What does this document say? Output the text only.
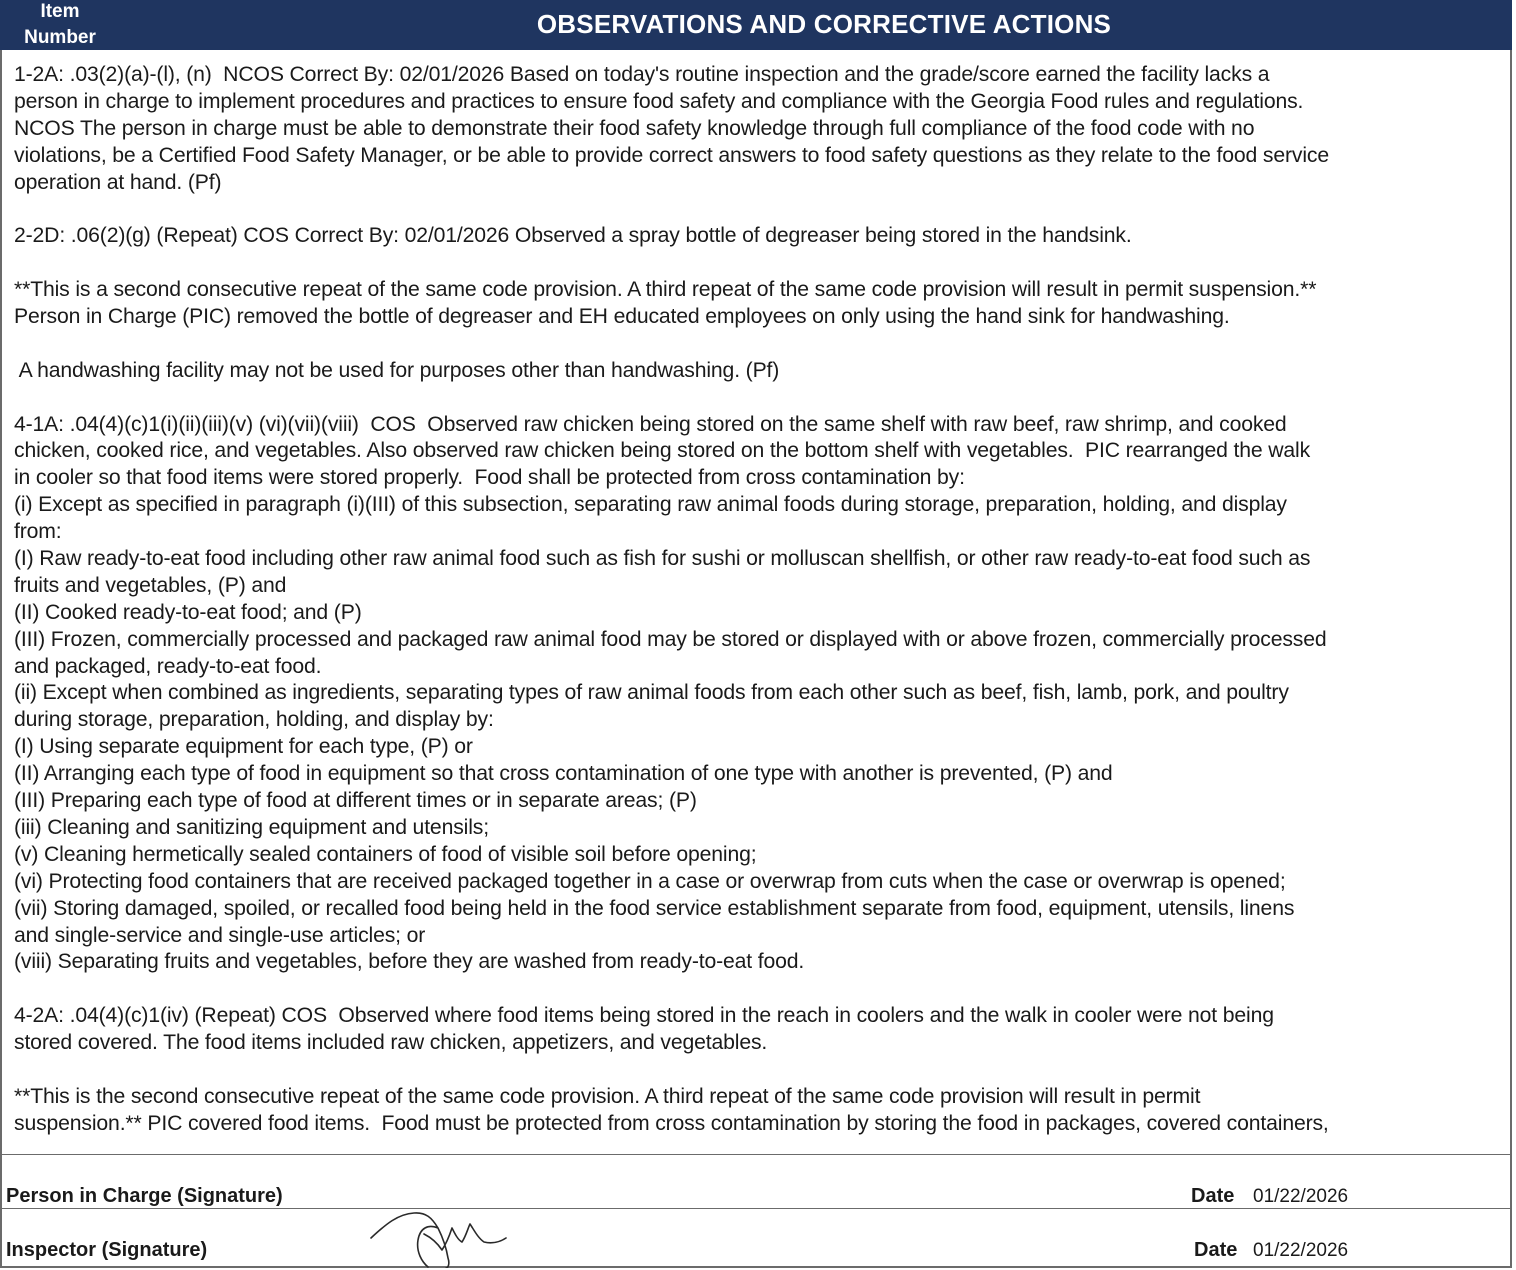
Item
Number	OBSERVATIONS AND CORRECTIVE ACTIONS
1-2A: .03(2)(a)-(l), (n)  NCOS Correct By: 02/01/2026 Based on today's routine inspection and the grade/score earned the facility lacks a
person in charge to implement procedures and practices to ensure food safety and compliance with the Georgia Food rules and regulations.
NCOS The person in charge must be able to demonstrate their food safety knowledge through full compliance of the food code with no
violations, be a Certified Food Safety Manager, or be able to provide correct answers to food safety questions as they relate to the food service
operation at hand. (Pf)
2-2D: .06(2)(g) (Repeat) COS Correct By: 02/01/2026 Observed a spray bottle of degreaser being stored in the handsink.
**This is a second consecutive repeat of the same code provision. A third repeat of the same code provision will result in permit suspension.**
Person in Charge (PIC) removed the bottle of degreaser and EH educated employees on only using the hand sink for handwashing.
A handwashing facility may not be used for purposes other than handwashing. (Pf)
4-1A: .04(4)(c)1(i)(ii)(iii)(v) (vi)(vii)(viii)  COS  Observed raw chicken being stored on the same shelf with raw beef, raw shrimp, and cooked
chicken, cooked rice, and vegetables. Also observed raw chicken being stored on the bottom shelf with vegetables.  PIC rearranged the walk
in cooler so that food items were stored properly.  Food shall be protected from cross contamination by:
(i) Except as specified in paragraph (i)(III) of this subsection, separating raw animal foods during storage, preparation, holding, and display
from:
(I) Raw ready-to-eat food including other raw animal food such as fish for sushi or molluscan shellfish, or other raw ready-to-eat food such as
fruits and vegetables, (P) and
(II) Cooked ready-to-eat food; and (P)
(III) Frozen, commercially processed and packaged raw animal food may be stored or displayed with or above frozen, commercially processed
and packaged, ready-to-eat food.
(ii) Except when combined as ingredients, separating types of raw animal foods from each other such as beef, fish, lamb, pork, and poultry
during storage, preparation, holding, and display by:
(I) Using separate equipment for each type, (P) or
(II) Arranging each type of food in equipment so that cross contamination of one type with another is prevented, (P) and
(III) Preparing each type of food at different times or in separate areas; (P)
(iii) Cleaning and sanitizing equipment and utensils;
(v) Cleaning hermetically sealed containers of food of visible soil before opening;
(vi) Protecting food containers that are received packaged together in a case or overwrap from cuts when the case or overwrap is opened;
(vii) Storing damaged, spoiled, or recalled food being held in the food service establishment separate from food, equipment, utensils, linens
and single-service and single-use articles; or
(viii) Separating fruits and vegetables, before they are washed from ready-to-eat food.
4-2A: .04(4)(c)1(iv) (Repeat) COS  Observed where food items being stored in the reach in coolers and the walk in cooler were not being
stored covered. The food items included raw chicken, appetizers, and vegetables.
**This is the second consecutive repeat of the same code provision. A third repeat of the same code provision will result in permit
suspension.** PIC covered food items.  Food must be protected from cross contamination by storing the food in packages, covered containers,
Person in Charge (Signature)	Date 01/22/2026
Inspector (Signature)	Date 01/22/2026
